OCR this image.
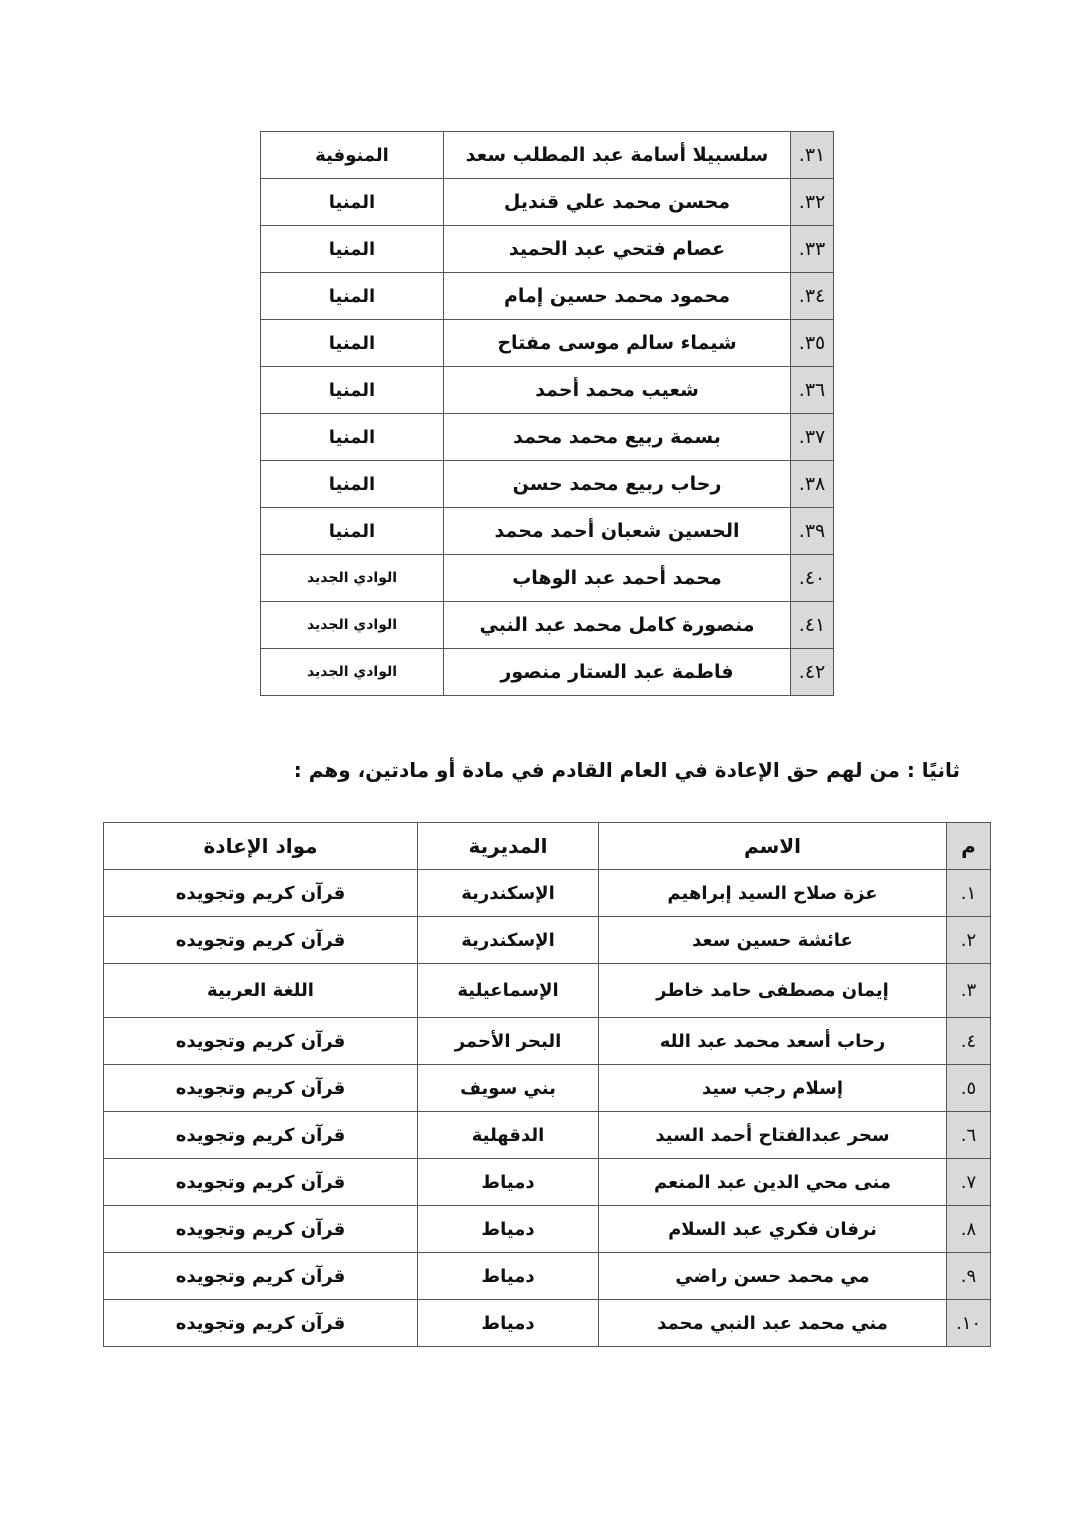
٣١.	سلسبيلا أسامة عبد المطلب سعد	المنوفية
٣٢.	محسن محمد علي قنديل	المنيا
٣٣.	عصام فتحي عبد الحميد	المنيا
٣٤.	محمود محمد حسين إمام	المنيا
٣٥.	شيماء سالم موسى مفتاح	المنيا
٣٦.	شعيب محمد أحمد	المنيا
٣٧.	بسمة ربيع محمد محمد	المنيا
٣٨.	رحاب ربيع محمد حسن	المنيا
٣٩.	الحسين شعبان أحمد محمد	المنيا
٤٠.	محمد أحمد عبد الوهاب	الوادي الجديد
٤١.	منصورة كامل محمد عبد النبي	الوادي الجديد
٤٢.	فاطمة عبد الستار منصور	الوادي الجديد
ثانيًا : من لهم حق الإعادة في العام القادم في مادة أو مادتين، وهم :
م	الاسم	المديرية	مواد الإعادة
١.	عزة صلاح السيد إبراهيم	الإسكندرية	قرآن كريم وتجويده
٢.	عائشة حسين سعد	الإسكندرية	قرآن كريم وتجويده
٣.	إيمان مصطفى حامد خاطر	الإسماعيلية	اللغة العربية
٤.	رحاب أسعد محمد عبد الله	البحر الأحمر	قرآن كريم وتجويده
٥.	إسلام رجب سيد	بني سويف	قرآن كريم وتجويده
٦.	سحر عبدالفتاح أحمد السيد	الدقهلية	قرآن كريم وتجويده
٧.	منى محي الدين عبد المنعم	دمياط	قرآن كريم وتجويده
٨.	نرفان فكري عبد السلام	دمياط	قرآن كريم وتجويده
٩.	مي محمد حسن راضي	دمياط	قرآن كريم وتجويده
١٠.	مني محمد عبد النبي محمد	دمياط	قرآن كريم وتجويده
